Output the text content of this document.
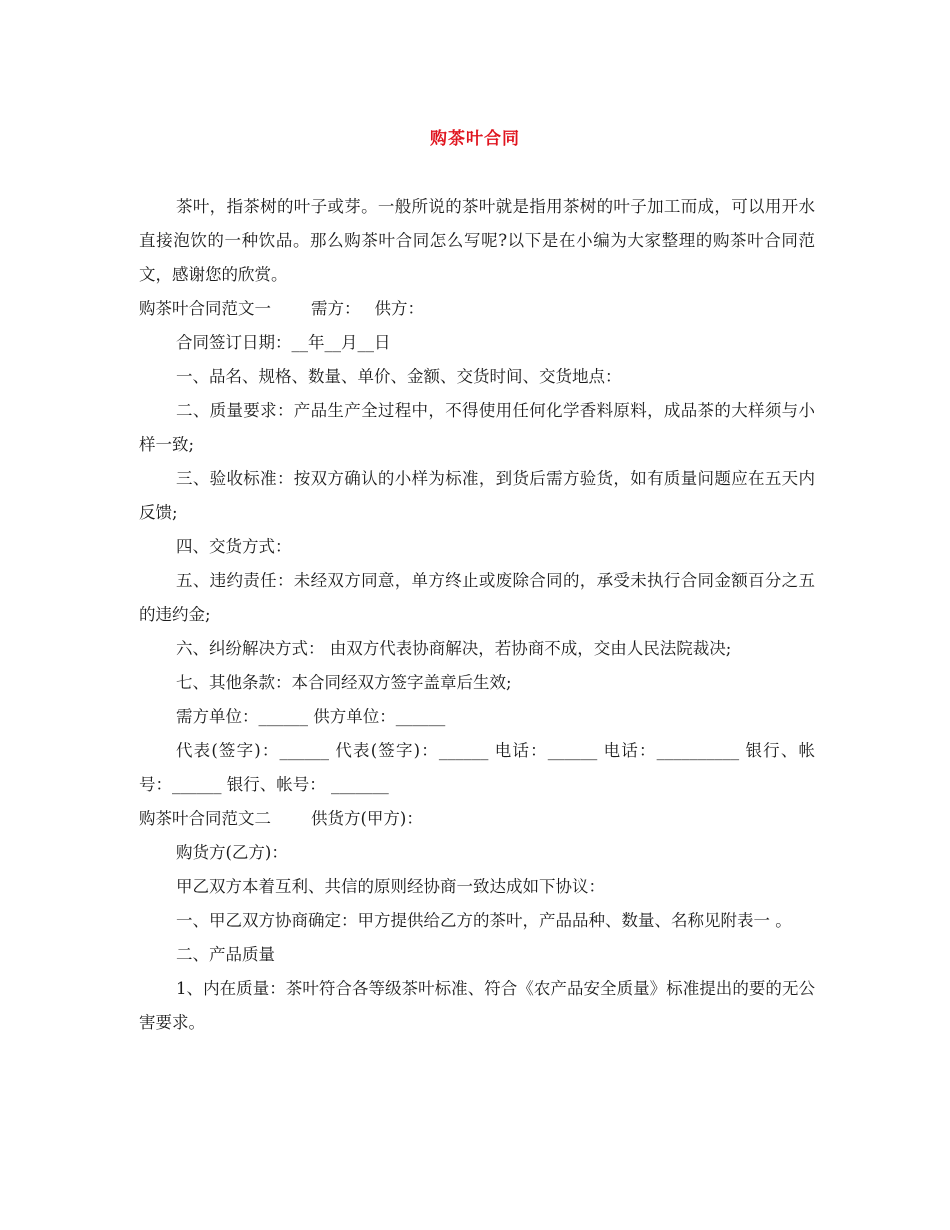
购茶叶合同

茶叶，指茶树的叶子或芽。一般所说的茶叶就是指用茶树的叶子加工而成，可以用开水直接泡饮的一种饮品。那么购茶叶合同怎么写呢?以下是在小编为大家整理的购茶叶合同范文，感谢您的欣赏。

购茶叶合同范文一 需方： 供方：

合同签订日期：__年__月__日

一、品名、规格、数量、单价、金额、交货时间、交货地点：

二、质量要求：产品生产全过程中，不得使用任何化学香料原料，成品茶的大样须与小样一致;

三、验收标准：按双方确认的小样为标准，到货后需方验货，如有质量问题应在五天内反馈;

四、交货方式：

五、违约责任：未经双方同意，单方终止或废除合同的，承受未执行合同金额百分之五的违约金;

六、纠纷解决方式： 由双方代表协商解决，若协商不成，交由人民法院裁决;

七、其他条款：本合同经双方签字盖章后生效;

需方单位：______ 供方单位：______

代表(签字)：______ 代表(签字)：______ 电话：______ 电话：__________ 银行、帐号：______ 银行、帐号： _______

购茶叶合同范文二 供货方(甲方)：

购货方(乙方)：

甲乙双方本着互利、共信的原则经协商一致达成如下协议：

一、甲乙双方协商确定：甲方提供给乙方的茶叶，产品品种、数量、名称见附表一 。

二、产品质量

1、内在质量：茶叶符合各等级茶叶标准、符合《农产品安全质量》标准提出的要的无公害要求。
